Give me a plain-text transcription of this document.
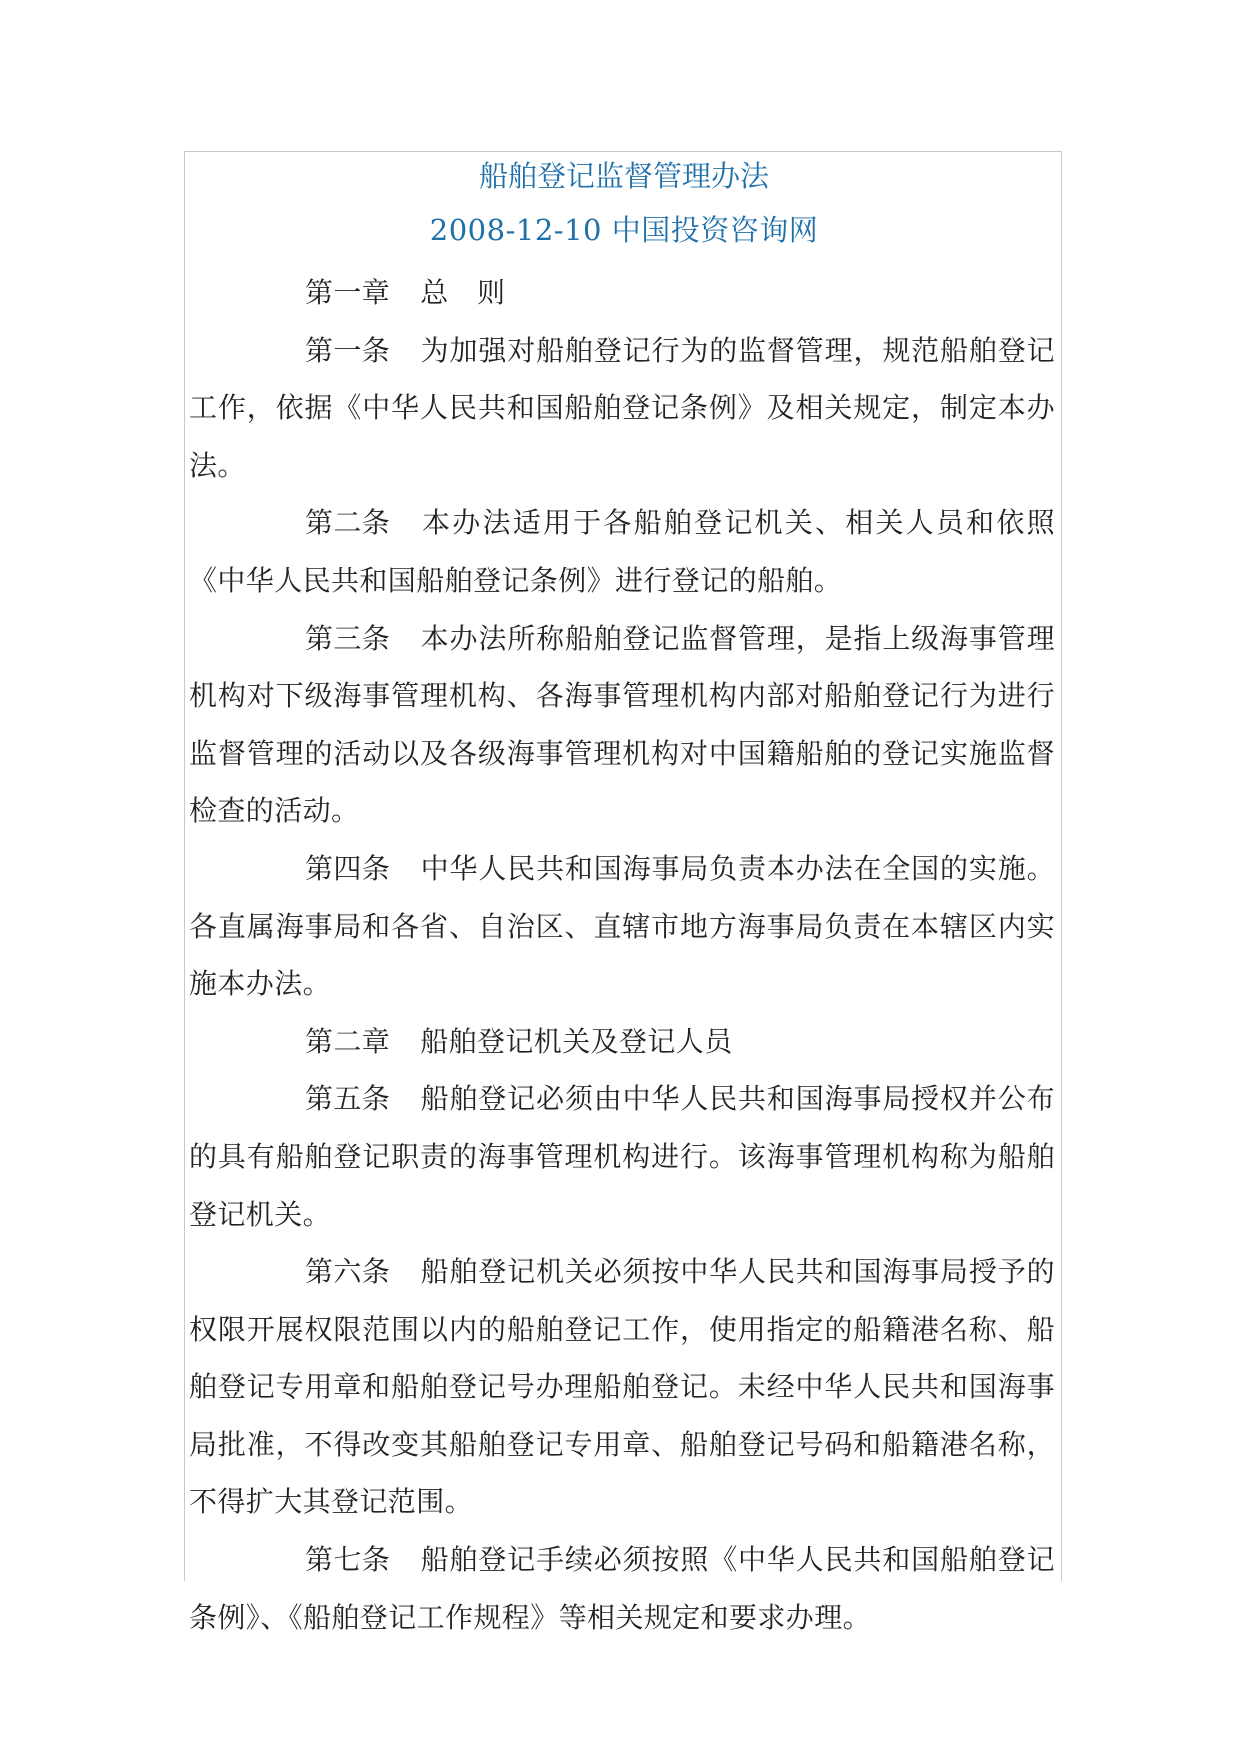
船舶登记监督管理办法
2008-12-10 中国投资咨询网

第一章 总　则

第一条 为加强对船舶登记行为的监督管理，规范船舶登记工作，依据《中华人民共和国船舶登记条例》及相关规定，制定本办法。

第二条 本办法适用于各船舶登记机关、相关人员和依照《中华人民共和国船舶登记条例》进行登记的船舶。

第三条 本办法所称船舶登记监督管理，是指上级海事管理机构对下级海事管理机构、各海事管理机构内部对船舶登记行为进行监督管理的活动以及各级海事管理机构对中国籍船舶的登记实施监督检查的活动。

第四条 中华人民共和国海事局负责本办法在全国的实施。各直属海事局和各省、自治区、直辖市地方海事局负责在本辖区内实施本办法。

第二章 船舶登记机关及登记人员

第五条 船舶登记必须由中华人民共和国海事局授权并公布的具有船舶登记职责的海事管理机构进行。该海事管理机构称为船舶登记机关。

第六条 船舶登记机关必须按中华人民共和国海事局授予的权限开展权限范围以内的船舶登记工作，使用指定的船籍港名称、船舶登记专用章和船舶登记号办理船舶登记。未经中华人民共和国海事局批准，不得改变其船舶登记专用章、船舶登记号码和船籍港名称，不得扩大其登记范围。

第七条 船舶登记手续必须按照《中华人民共和国船舶登记条例》、《船舶登记工作规程》等相关规定和要求办理。
